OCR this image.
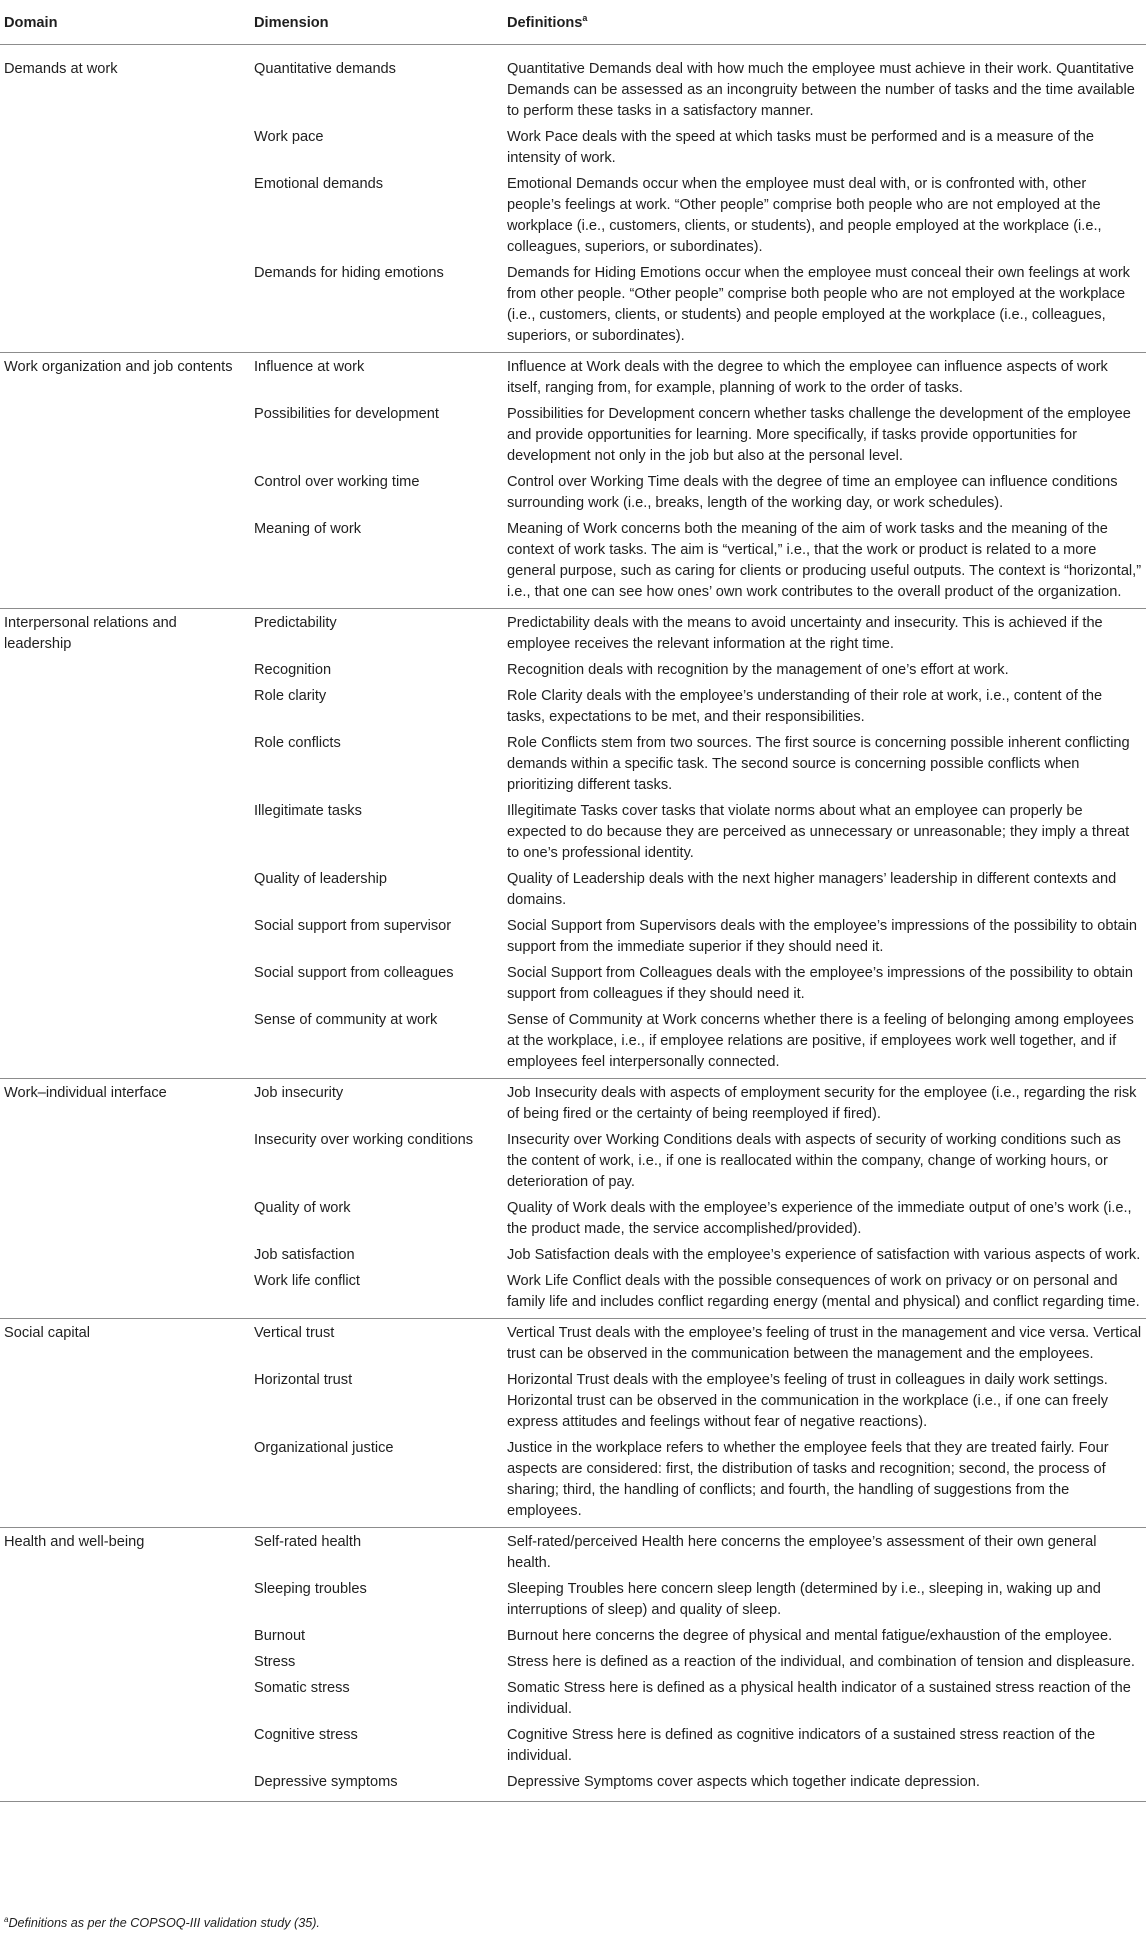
Domain	Dimension	Definitions$^a$
Demands at work	Quantitative demands	Quantitative Demands deal with how much the employee must achieve in their work. Quantitative Demands can be assessed as an incongruity between the number of tasks and the time available to perform these tasks in a satisfactory manner.
	Work pace	Work Pace deals with the speed at which tasks must be performed and is a measure of the intensity of work.
	Emotional demands	Emotional Demands occur when the employee must deal with, or is confronted with, other people’s feelings at work. “Other people” comprise both people who are not employed at the workplace (i.e., customers, clients, or students), and people employed at the workplace (i.e., colleagues, superiors, or subordinates).
	Demands for hiding emotions	Demands for Hiding Emotions occur when the employee must conceal their own feelings at work from other people. “Other people” comprise both people who are not employed at the workplace (i.e., customers, clients, or students) and people employed at the workplace (i.e., colleagues, superiors, or subordinates).
Work organization and job contents	Influence at work	Influence at Work deals with the degree to which the employee can influence aspects of work itself, ranging from, for example, planning of work to the order of tasks.
	Possibilities for development	Possibilities for Development concern whether tasks challenge the development of the employee and provide opportunities for learning. More specifically, if tasks provide opportunities for development not only in the job but also at the personal level.
	Control over working time	Control over Working Time deals with the degree of time an employee can influence conditions surrounding work (i.e., breaks, length of the working day, or work schedules).
	Meaning of work	Meaning of Work concerns both the meaning of the aim of work tasks and the meaning of the context of work tasks. The aim is “vertical,” i.e., that the work or product is related to a more general purpose, such as caring for clients or producing useful outputs. The context is “horizontal,” i.e., that one can see how ones’ own work contributes to the overall product of the organization.
Interpersonal relations and leadership	Predictability	Predictability deals with the means to avoid uncertainty and insecurity. This is achieved if the employee receives the relevant information at the right time.
	Recognition	Recognition deals with recognition by the management of one’s effort at work.
	Role clarity	Role Clarity deals with the employee’s understanding of their role at work, i.e., content of the tasks, expectations to be met, and their responsibilities.
	Role conflicts	Role Conflicts stem from two sources. The first source is concerning possible inherent conflicting demands within a specific task. The second source is concerning possible conflicts when prioritizing different tasks.
	Illegitimate tasks	Illegitimate Tasks cover tasks that violate norms about what an employee can properly be expected to do because they are perceived as unnecessary or unreasonable; they imply a threat to one’s professional identity.
	Quality of leadership	Quality of Leadership deals with the next higher managers’ leadership in different contexts and domains.
	Social support from supervisor	Social Support from Supervisors deals with the employee’s impressions of the possibility to obtain support from the immediate superior if they should need it.
	Social support from colleagues	Social Support from Colleagues deals with the employee’s impressions of the possibility to obtain support from colleagues if they should need it.
	Sense of community at work	Sense of Community at Work concerns whether there is a feeling of belonging among employees at the workplace, i.e., if employee relations are positive, if employees work well together, and if employees feel interpersonally connected.
Work–individual interface	Job insecurity	Job Insecurity deals with aspects of employment security for the employee (i.e., regarding the risk of being fired or the certainty of being reemployed if fired).
	Insecurity over working conditions	Insecurity over Working Conditions deals with aspects of security of working conditions such as the content of work, i.e., if one is reallocated within the company, change of working hours, or deterioration of pay.
	Quality of work	Quality of Work deals with the employee’s experience of the immediate output of one’s work (i.e., the product made, the service accomplished/provided).
	Job satisfaction	Job Satisfaction deals with the employee’s experience of satisfaction with various aspects of work.
	Work life conflict	Work Life Conflict deals with the possible consequences of work on privacy or on personal and family life and includes conflict regarding energy (mental and physical) and conflict regarding time.
Social capital	Vertical trust	Vertical Trust deals with the employee’s feeling of trust in the management and vice versa. Vertical trust can be observed in the communication between the management and the employees.
	Horizontal trust	Horizontal Trust deals with the employee’s feeling of trust in colleagues in daily work settings. Horizontal trust can be observed in the communication in the workplace (i.e., if one can freely express attitudes and feelings without fear of negative reactions).
	Organizational justice	Justice in the workplace refers to whether the employee feels that they are treated fairly. Four aspects are considered: first, the distribution of tasks and recognition; second, the process of sharing; third, the handling of conflicts; and fourth, the handling of suggestions from the employees.
Health and well-being	Self-rated health	Self-rated/perceived Health here concerns the employee’s assessment of their own general health.
	Sleeping troubles	Sleeping Troubles here concern sleep length (determined by i.e., sleeping in, waking up and interruptions of sleep) and quality of sleep.
	Burnout	Burnout here concerns the degree of physical and mental fatigue/exhaustion of the employee.
	Stress	Stress here is defined as a reaction of the individual, and combination of tension and displeasure.
	Somatic stress	Somatic Stress here is defined as a physical health indicator of a sustained stress reaction of the individual.
	Cognitive stress	Cognitive Stress here is defined as cognitive indicators of a sustained stress reaction of the individual.
	Depressive symptoms	Depressive Symptoms cover aspects which together indicate depression.
$^a$Definitions as per the COPSOQ-III validation study (35).
